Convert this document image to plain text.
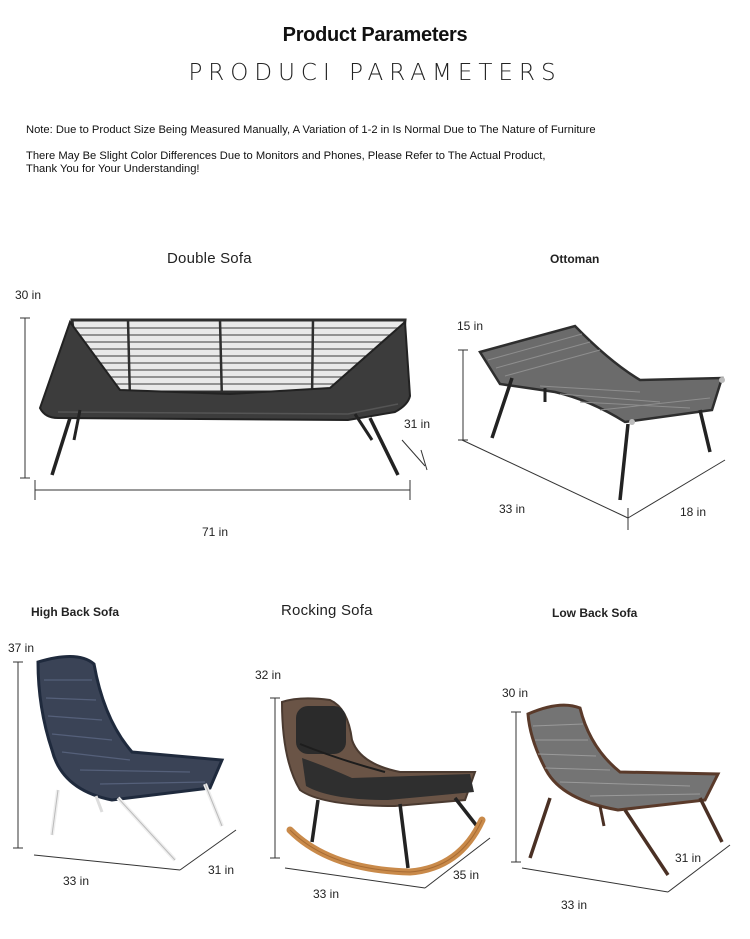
Product Parameters
PRODUCI PARAMETERS
Note: Due to Product Size Being Measured Manually, A Variation of 1-2 in Is Normal Due to The Nature of Furniture
There May Be Slight Color Differences Due to Monitors and Phones, Please Refer to The Actual Product, Thank You for Your Understanding!
Double Sofa	Ottoman
High Back Sofa	Rocking Sofa	Low Back Sofa
30 in
31 in
71 in
15 in
33 in	18 in
37 in
33 in
31 in
32 in
33 in
35 in
30 in
33 in
31 in
